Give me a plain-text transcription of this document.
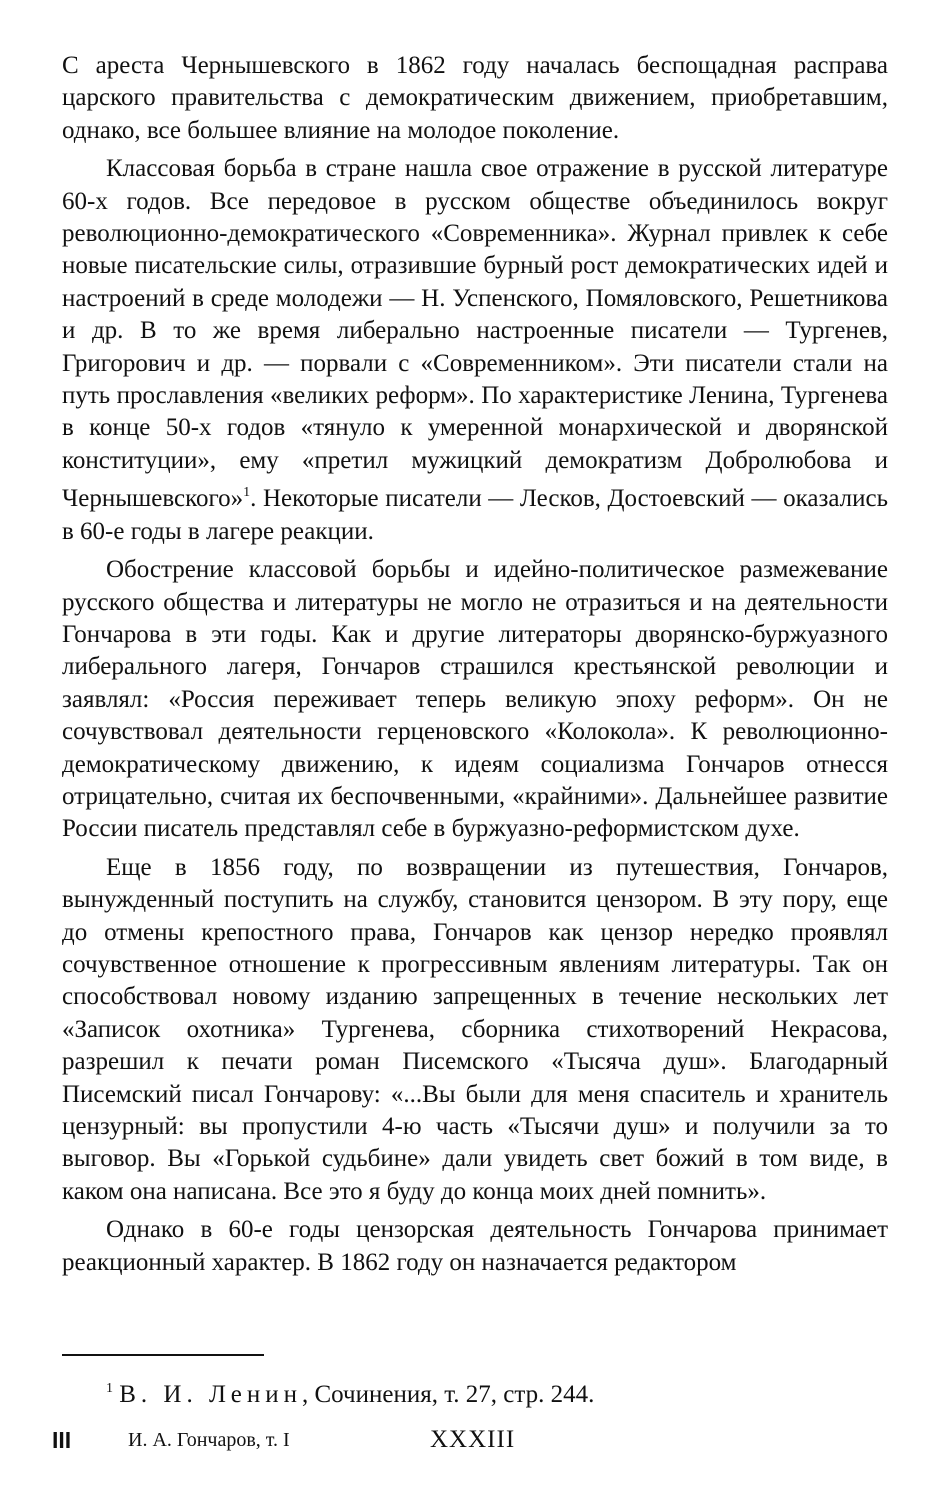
С ареста Чернышевского в 1862 году началась беспощадная расправа царского правительства с демократическим движением, приобретавшим, однако, все большее влияние на молодое поколение.

Классовая борьба в стране нашла свое отражение в русской литературе 60-х годов. Все передовое в русском обществе объединилось вокруг революционно-демократического «Современника». Журнал привлек к себе новые писательские силы, отразившие бурный рост демократических идей и настроений в среде молодежи — Н. Успенского, Помяловского, Решетникова и др. В то же время либерально настроенные писатели — Тургенев, Григорович и др. — порвали с «Современником». Эти писатели стали на путь прославления «великих реформ». По характеристике Ленина, Тургенева в конце 50-х годов «тянуло к умеренной монархической и дворянской конституции», ему «претил мужицкий демократизм Добролюбова и Чернышевского»$^1$. Некоторые писатели — Лесков, Достоевский — оказались в 60-е годы в лагере реакции.

Обострение классовой борьбы и идейно-политическое размежевание русского общества и литературы не могло не отразиться и на деятельности Гончарова в эти годы. Как и другие литераторы дворянско-буржуазного либерального лагеря, Гончаров страшился крестьянской революции и заявлял: «Россия переживает теперь великую эпоху реформ». Он не сочувствовал деятельности герценовского «Колокола». К революционно-демократическому движению, к идеям социализма Гончаров отнесся отрицательно, считая их беспочвенными, «крайними». Дальнейшее развитие России писатель представлял себе в буржуазно-реформистском духе.

Еще в 1856 году, по возвращении из путешествия, Гончаров, вынужденный поступить на службу, становится цензором. В эту пору, еще до отмены крепостного права, Гончаров как цензор нередко проявлял сочувственное отношение к прогрессивным явлениям литературы. Так он способствовал новому изданию запрещенных в течение нескольких лет «Записок охотника» Тургенева, сборника стихотворений Некрасова, разрешил к печати роман Писемского «Тысяча душ». Благодарный Писемский писал Гончарову: «...Вы были для меня спаситель и хранитель цензурный: вы пропустили 4-ю часть «Тысячи душ» и получили за то выговор. Вы «Горькой судьбине» дали увидеть свет божий в том виде, в каком она написана. Все это я буду до конца моих дней помнить».

Однако в 60-е годы цензорская деятельность Гончарова принимает реакционный характер. В 1862 году он назначается редактором

$^1$ В. И. Ленин, Сочинения, т. 27, стр. 244.
III	И. А. Гончаров, т. I	XXXIII
